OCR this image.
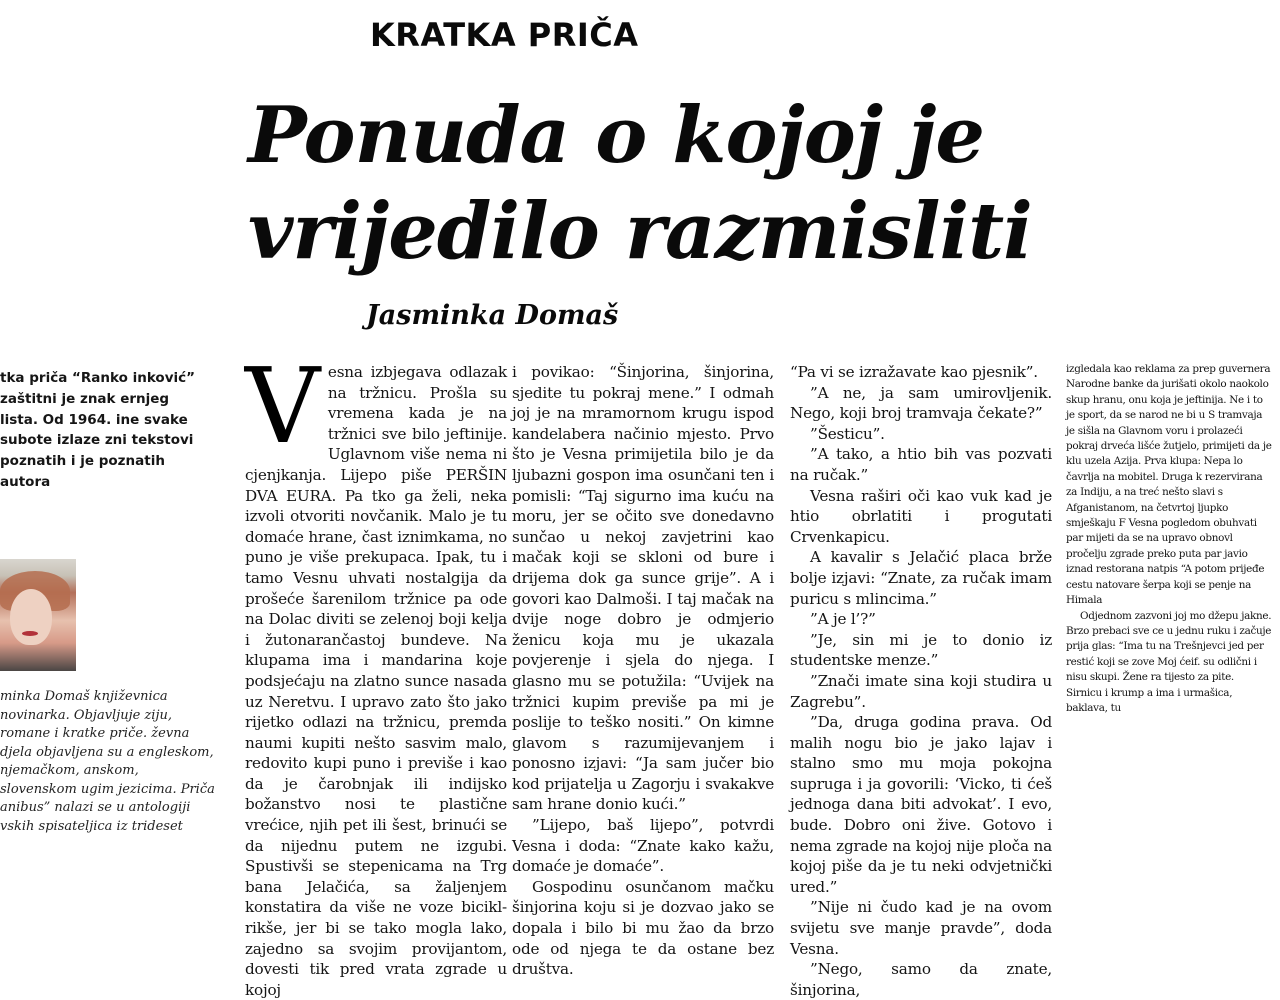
KRATKA PRIČA
Ponuda o kojoj je vrijedilo razmisliti
Jasminka Domaš
tka priča “Ranko inković” zaštitni je znak ernjeg lista. Od 1964. ine svake subote izlaze zni tekstovi poznatih i je poznatih autora
minka Domaš književnica novinarka. Objavljuje ziju, romane i kratke priče. ževna djela objavljena su a engleskom, njemačkom, anskom, slovenskom ugim jezicima. Priča anibus” nalazi se u antologiji vskih spisateljica iz trideset
V esna izbjegava odlazak na tržnicu. Prošla su vremena kada je na tržnici sve bilo jeftinije. Uglavnom više nema ni cjenjkanja. Lijepo piše PERŠIN DVA EURA. Pa tko ga želi, neka izvoli otvoriti novčanik. Malo je tu domaće hrane, čast iznimkama, no puno je više prekupaca. Ipak, tu i tamo Vesnu uhvati nostalgija da prošeće šarenilom tržnice pa ode na Dolac diviti se zelenoj boji kelja i žutonarančastoj bundeve. Na klupama ima i mandarina koje podsjećaju na zlatno sunce nasada uz Neretvu. I upravo zato što jako rijetko odlazi na tržnicu, premda naumi kupiti nešto sasvim malo, redovito kupi puno i previše i kao da je čarobnjak ili indijsko božanstvo nosi te plastične vrećice, njih pet ili šest, brinući se da nijednu putem ne izgubi. Spustivši se stepenicama na Trg bana Jelačića, sa žaljenjem konstatira da više ne voze bicikl-rikše, jer bi se tako mogla lako, zajedno sa svojim provijantom, dovesti tik pred vrata zgrade u kojoj

i povikao: “Šinjorina, šinjorina, sjedite tu pokraj mene.” I odmah joj je na mramornom krugu ispod kandelabera načinio mjesto. Prvo što je Vesna primijetila bilo je da ljubazni gospon ima osunčani ten i pomisli: “Taj sigurno ima kuću na moru, jer se očito sve donedavno sunčao u nekoj zavjetrini kao mačak koji se skloni od bure i drijema dok ga sunce grije”. A i govori kao Dalmoši. I taj mačak na dvije noge dobro je odmjerio ženicu koja mu je ukazala povjerenje i sjela do njega. I glasno mu se potužila: “Uvijek na tržnici kupim previše pa mi je poslije to teško nositi.” On kimne glavom s razumijevanjem i ponosno izjavi: “Ja sam jučer bio kod prijatelja u Zagorju i svakakve sam hrane donio kući.”

”Lijepo, baš lijepo”, potvrdi Vesna i doda: “Znate kako kažu, domaće je domaće”.

Gospodinu osunčanom mačku šinjorina koju si je dozvao jako se dopala i bilo bi mu žao da brzo ode od njega te da ostane bez društva.

“Pa vi se izražavate kao pjesnik”.

”A ne, ja sam umirovljenik. Nego, koji broj tramvaja čekate?”

”Šesticu”.

”A tako, a htio bih vas pozvati na ručak.”

Vesna raširi oči kao vuk kad je htio obrlatiti i progutati Crvenkapicu.

A kavalir s Jelačić placa brže bolje izjavi: “Znate, za ručak imam puricu s mlincima.”

”A je l’?”

”Je, sin mi je to donio iz studentske menze.”

”Znači imate sina koji studira u Zagrebu”.

”Da, druga godina prava. Od malih nogu bio je jako lajav i stalno smo mu moja pokojna supruga i ja govorili: ‘Vicko, ti ćeš jednoga dana biti advokat’. I evo, bude. Dobro oni žive. Gotovo i nema zgrade na kojoj nije ploča na kojoj piše da je tu neki odvjetnički ured.”

”Nije ni čudo kad je na ovom svijetu sve manje pravde”, doda Vesna.

”Nego, samo da znate, šinjorina,

izgledala kao reklama za prep guvernera Narodne banke da jurišati okolo naokolo skup hranu, onu koja je jeftinija. Ne i to je sport, da se narod ne bi u S tramvaja je sišla na Glavnom voru i prolazeći pokraj drveća lišće žutjelo, primijeti da je klu uzela Azija. Prva klupa: Nepa lo čavrlja na mobitel. Druga k rezervirana za Indiju, a na treć nešto slavi s Afganistanom, na četvrtoj ljupko smješkaju F Vesna pogledom obuhvati par mijeti da se na upravo obnovl pročelju zgrade preko puta par javio iznad restorana natpis “A potom prijeđe cestu natovare šerpa koji se penje na Himala

Odjednom zazvoni joj mo džepu jakne. Brzo prebaci sve ce u jednu ruku i začuje prija glas: “Ima tu na Trešnjevci jed per restić koji se zove Moj ćeif. su odlični i nisu skupi. Žene ra tijesto za pite. Sirnicu i krump a ima i urmašica, baklava, tu
